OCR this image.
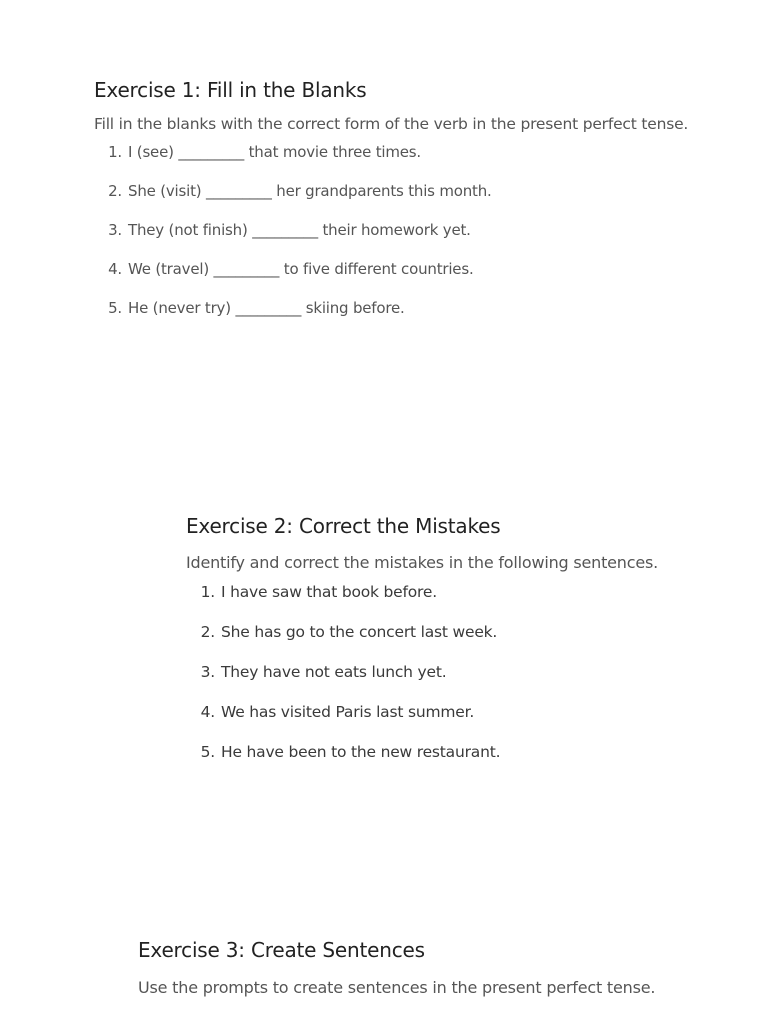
Exercise 1: Fill in the Blanks

Fill in the blanks with the correct form of the verb in the present perfect tense.

1. I (see) _________ that movie three times.
2. She (visit) _________ her grandparents this month.
3. They (not finish) _________ their homework yet.
4. We (travel) _________ to five different countries.
5. He (never try) _________ skiing before.
Exercise 2: Correct the Mistakes

Identify and correct the mistakes in the following sentences.

1. I have saw that book before.
2. She has go to the concert last week.
3. They have not eats lunch yet.
4. We has visited Paris last summer.
5. He have been to the new restaurant.
Exercise 3: Create Sentences

Use the prompts to create sentences in the present perfect tense.
